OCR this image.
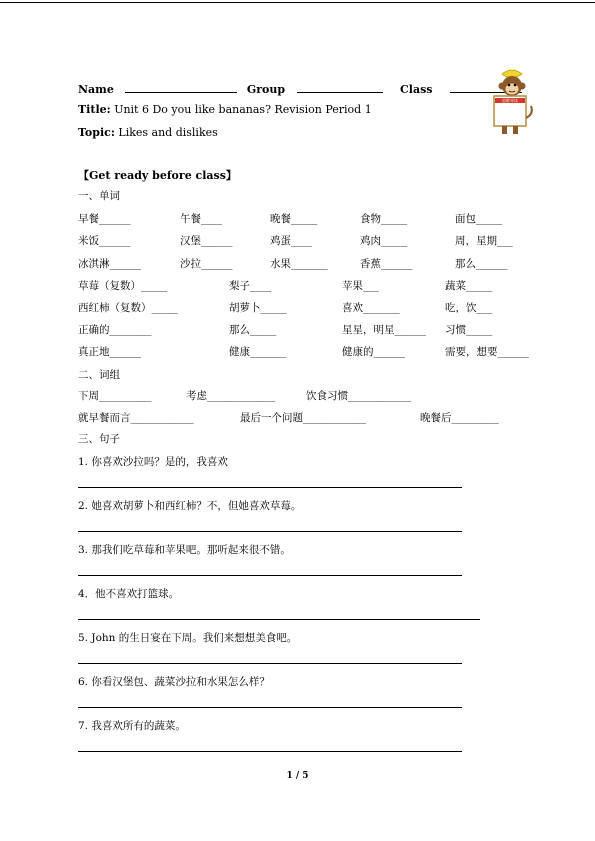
Name	Group	Class
Title: Unit 6 Do you like bananas? Revision Period 1
Topic: Likes and dislikes
思维导读
【Get ready before class】
一、单词
早餐______	午餐____	晚餐_____	食物_____	面包_____
米饭______	汉堡______	鸡蛋____	鸡肉_____	周，星期___
冰淇淋______	沙拉______	水果_______	香蕉______	那么______
草莓（复数）_____	梨子____	苹果___	蔬菜_____
西红柿（复数）_____	胡萝卜_____	喜欢_______	吃，饮___
正确的________	那么_____	星星，明星______ 习惯_____
真正地______	健康_______	健康的______	需要，想要______
二、词组
下周__________	考虑_____________	饮食习惯____________
就早餐而言____________	最后一个问题____________	晚餐后_________
三、句子
1. 你喜欢沙拉吗？是的，我喜欢
2. 她喜欢胡萝卜和西红柿？不，但她喜欢草莓。
3. 那我们吃草莓和苹果吧。那听起来很不错。
4．他不喜欢打篮球。
5. John 的生日宴在下周。我们来想想美食吧。
6. 你看汉堡包、蔬菜沙拉和水果怎么样？
7. 我喜欢所有的蔬菜。
1 / 5
